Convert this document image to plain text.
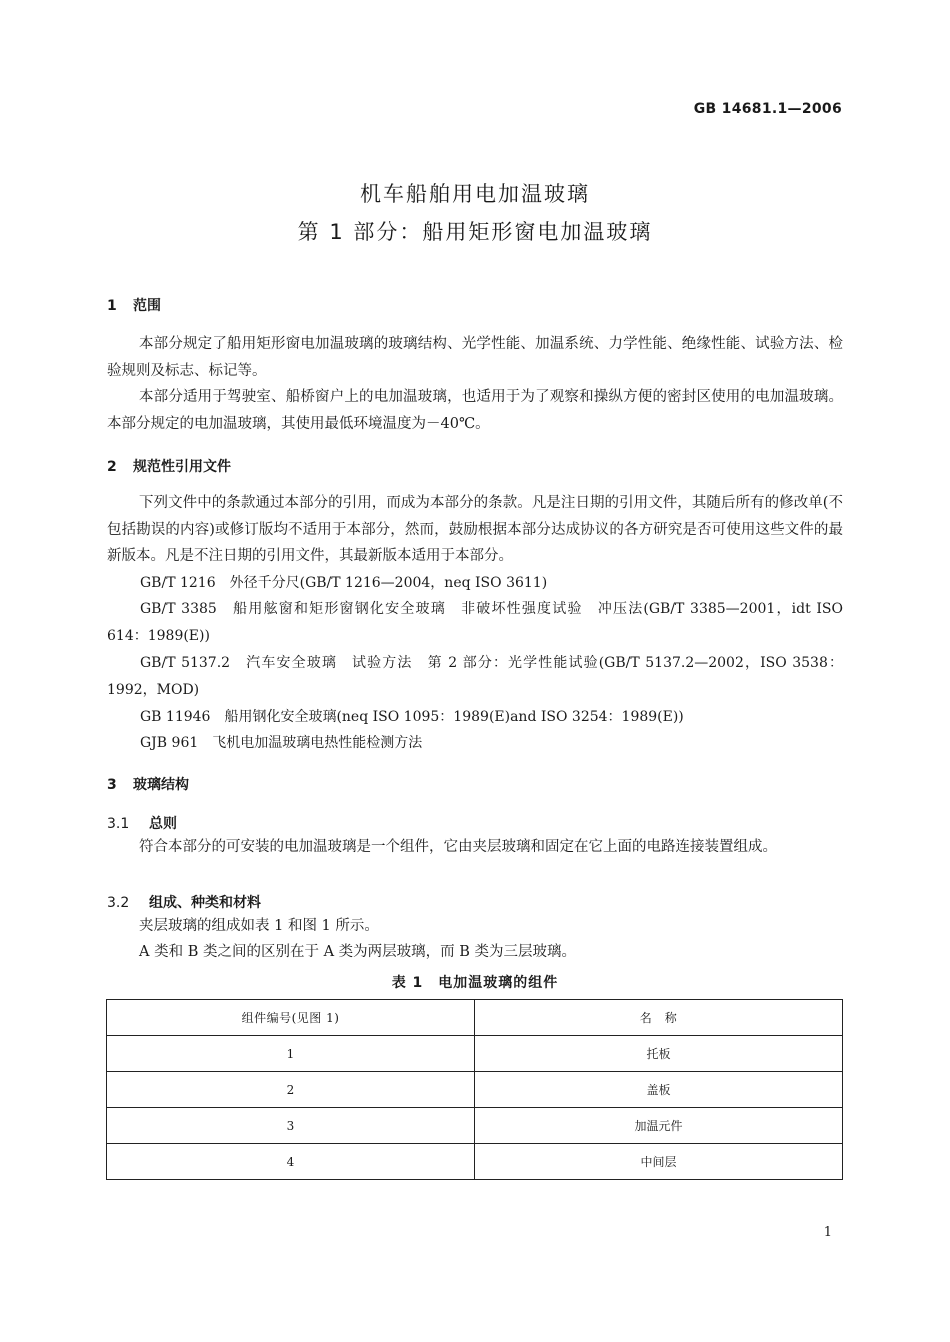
GB 14681.1—2006
机车船舶用电加温玻璃
第 1 部分：船用矩形窗电加温玻璃
1 范围
本部分规定了船用矩形窗电加温玻璃的玻璃结构、光学性能、加温系统、力学性能、绝缘性能、试验方法、检验规则及标志、标记等。
本部分适用于驾驶室、船桥窗户上的电加温玻璃，也适用于为了观察和操纵方便的密封区使用的电加温玻璃。本部分规定的电加温玻璃，其使用最低环境温度为－40℃。
2 规范性引用文件
下列文件中的条款通过本部分的引用，而成为本部分的条款。凡是注日期的引用文件，其随后所有的修改单(不包括勘误的内容)或修订版均不适用于本部分，然而，鼓励根据本部分达成协议的各方研究是否可使用这些文件的最新版本。凡是不注日期的引用文件，其最新版本适用于本部分。
GB/T 1216　外径千分尺(GB/T 1216—2004，neq ISO 3611)
GB/T 3385　船用舷窗和矩形窗钢化安全玻璃　非破坏性强度试验　冲压法(GB/T 3385—2001，idt ISO 614：1989(E))
GB/T 5137.2　汽车安全玻璃　试验方法　第 2 部分：光学性能试验(GB/T 5137.2—2002，ISO 3538：1992，MOD)
GB 11946　船用钢化安全玻璃(neq ISO 1095：1989(E)and ISO 3254：1989(E))
GJB 961　飞机电加温玻璃电热性能检测方法
3 玻璃结构
3.1 总则
符合本部分的可安装的电加温玻璃是一个组件，它由夹层玻璃和固定在它上面的电路连接装置组成。
3.2 组成、种类和材料
夹层玻璃的组成如表 1 和图 1 所示。
A 类和 B 类之间的区别在于 A 类为两层玻璃，而 B 类为三层玻璃。
表 1　电加温玻璃的组件
组件编号(见图 1)	名　称
1	托板
2	盖板
3	加温元件
4	中间层
1
